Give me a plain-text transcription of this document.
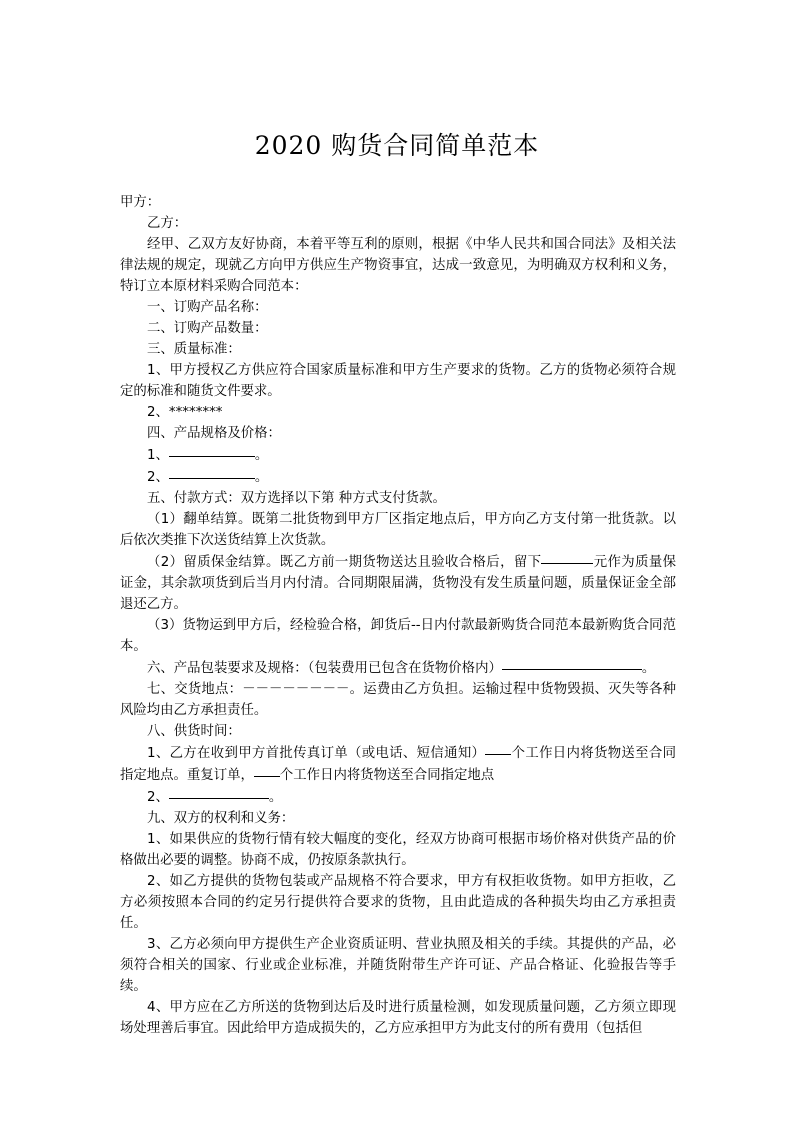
2020 购货合同简单范本

甲方：

乙方：

经甲、乙双方友好协商，本着平等互利的原则，根据《中华人民共和国合同法》及相关法律法规的规定，现就乙方向甲方供应生产物资事宜，达成一致意见，为明确双方权利和义务，特订立本原材料采购合同范本：

一、订购产品名称：

二、订购产品数量：

三、质量标准：

1、甲方授权乙方供应符合国家质量标准和甲方生产要求的货物。乙方的货物必须符合规定的标准和随货文件要求。

2、********

四、产品规格及价格：

1、	。

2、	。

五、付款方式：双方选择以下第 种方式支付货款。

（1）翻单结算。既第二批货物到甲方厂区指定地点后，甲方向乙方支付第一批货款。以后依次类推下次送货结算上次货款。

（2）留质保金结算。既乙方前一期货物送达且验收合格后，留下	元作为质量保证金，其余款项货到后当月内付清。合同期限届满，货物没有发生质量问题，质量保证金全部退还乙方。

（3）货物运到甲方后，经检验合格，卸货后--日内付款最新购货合同范本最新购货合同范本。

六、产品包装要求及规格：（包装费用已包含在货物价格内）	。

七、交货地点：－－－－－－－－。运费由乙方负担。运输过程中货物毁损、灭失等各种风险均由乙方承担责任。

八、供货时间：

1、乙方在收到甲方首批传真订单（或电话、短信通知） 个工作日内将货物送至合同指定地点。重复订单， 个工作日内将货物送至合同指定地点

2、	。

九、双方的权利和义务：

1、如果供应的货物行情有较大幅度的变化，经双方协商可根据市场价格对供货产品的价格做出必要的调整。协商不成，仍按原条款执行。

2、如乙方提供的货物包装或产品规格不符合要求，甲方有权拒收货物。如甲方拒收，乙方必须按照本合同的约定另行提供符合要求的货物，且由此造成的各种损失均由乙方承担责任。

3、乙方必须向甲方提供生产企业资质证明、营业执照及相关的手续。其提供的产品，必须符合相关的国家、行业或企业标准，并随货附带生产许可证、产品合格证、化验报告等手续。

4、甲方应在乙方所送的货物到达后及时进行质量检测，如发现质量问题，乙方须立即现场处理善后事宜。因此给甲方造成损失的，乙方应承担甲方为此支付的所有费用（包括但
